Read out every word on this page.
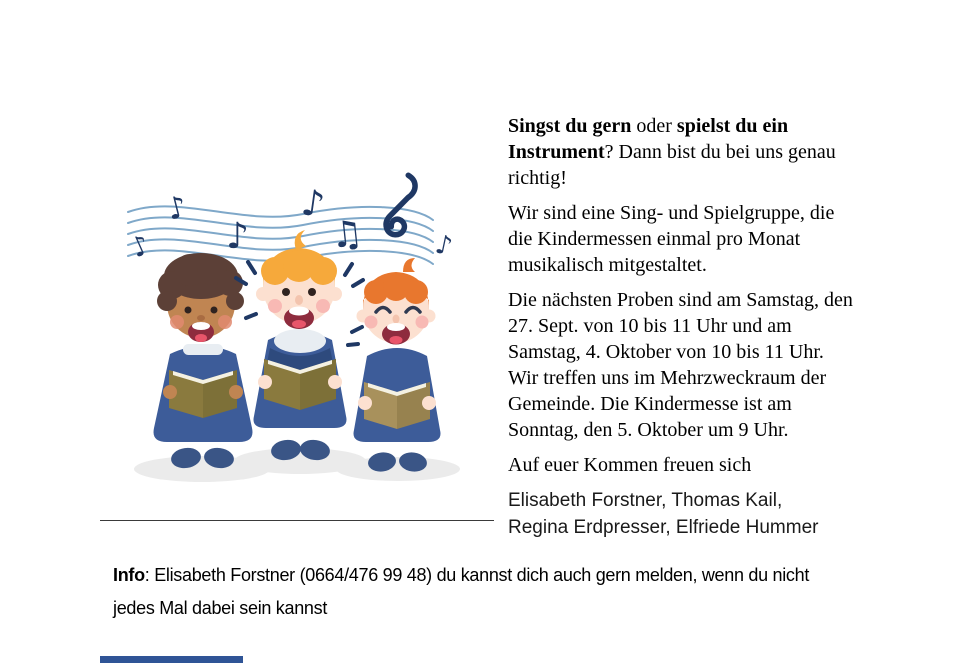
♪
♪ ♪
♪
♫	♪

Singst du gern oder spielst du ein Instrument? Dann bist du bei uns genau richtig!

Wir sind eine Sing- und Spielgruppe, die die Kindermessen einmal pro Monat musikalisch mitgestaltet.

Die nächsten Proben sind am Samstag, den 27. Sept. von 10 bis 11 Uhr und am Samstag, 4. Oktober von 10 bis 11 Uhr. Wir treffen uns im Mehrzweckraum der Gemeinde. Die Kindermesse ist am Sonntag, den 5. Oktober um 9 Uhr.

Auf euer Kommen freuen sich

Elisabeth Forstner, Thomas Kail,
Regina Erdpresser, Elfriede Hummer

Info: Elisabeth Forstner (0664/476 99 48) du kannst dich auch gern melden, wenn du nicht
jedes Mal dabei sein kannst
